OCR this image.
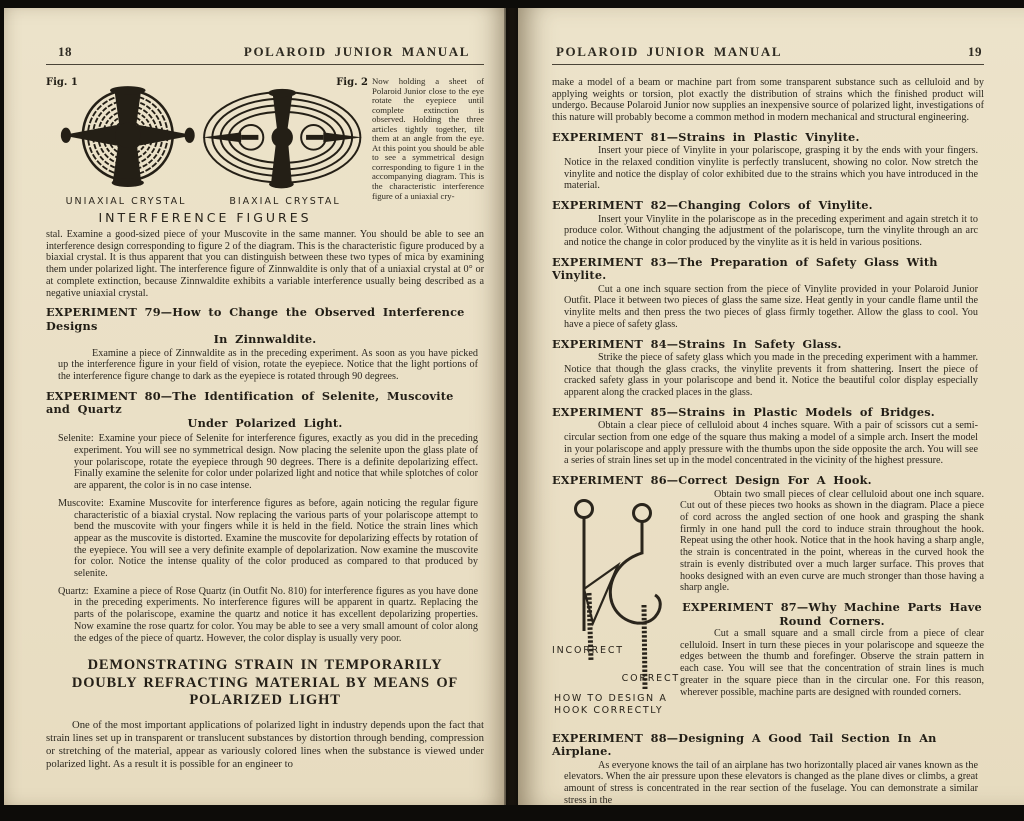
18	POLAROID JUNIOR MANUAL
Fig. 1	Fig. 2
UNIAXIAL CRYSTAL	BIAXIAL CRYSTAL
INTERFERENCE FIGURES
Now holding a sheet of Polaroid Junior close to the eye rotate the eyepiece until complete extinction is observed. Holding the three articles tightly together, tilt them at an angle from the eye. At this point you should be able to see a symmetrical design corresponding to figure 1 in the accompanying diagram. This is the characteristic interference figure of a uniaxial cry-

stal. Examine a good-sized piece of your Muscovite in the same manner. You should be able to see an interference design corresponding to figure 2 of the diagram. This is the characteristic figure produced by a biaxial crystal. It is thus apparent that you can distinguish between these two types of mica by examining them under polarized light. The interference figure of Zinnwaldite is only that of a uniaxial crystal at 0° or at complete extinction, because Zinnwaldite exhibits a variable interference usually being described as a negative uniaxial crystal.

EXPERIMENT 79—How to Change the Observed Interference Designs
In Zinnwaldite.

Examine a piece of Zinnwaldite as in the preceding experiment. As soon as you have picked up the interference figure in your field of vision, rotate the eyepiece. Notice that the light portions of the interference figure change to dark as the eyepiece is rotated through 90 degrees.

EXPERIMENT 80—The Identification of Selenite, Muscovite and Quartz
Under Polarized Light.

Selenite: Examine your piece of Selenite for interference figures, exactly as you did in the preceding experiment. You will see no symmetrical design. Now placing the selenite upon the glass plate of your polariscope, rotate the eyepiece through 90 degrees. There is a definite depolarizing effect. Finally examine the selenite for color under polarized light and notice that while splotches of color are apparent, the color is in no case intense.

Muscovite: Examine Muscovite for interference figures as before, again noticing the regular figure characteristic of a biaxial crystal. Now replacing the various parts of your polariscope attempt to bend the muscovite with your fingers while it is held in the field. Notice the strain lines which appear as the muscovite is distorted. Examine the muscovite for depolarizing effects by rotation of the eyepiece. You will see a very definite example of depolarization. Now examine the muscovite for color. Notice the intense quality of the color produced as compared to that produced by selenite.

Quartz: Examine a piece of Rose Quartz (in Outfit No. 810) for interference figures as you have done in the preceding experiments. No interference figures will be apparent in quartz. Replacing the parts of the polariscope, examine the quartz and notice it has excellent depolarizing properties. Now examine the rose quartz for color. You may be able to see a very small amount of color along the edges of the piece of quartz. However, the color display is usually very poor.

DEMONSTRATING STRAIN IN TEMPORARILY DOUBLY REFRACTING MATERIAL BY MEANS OF POLARIZED LIGHT

One of the most important applications of polarized light in industry depends upon the fact that strain lines set up in transparent or translucent substances by distortion through bending, compression or stretching of the material, appear as variously colored lines when the substance is viewed under polarized light. As a result it is possible for an engineer to

POLAROID JUNIOR MANUAL	19

make a model of a beam or machine part from some transparent substance such as celluloid and by applying weights or torsion, plot exactly the distribution of strains which the finished product will undergo. Because Polaroid Junior now supplies an inexpensive source of polarized light, investigations of this nature will probably become a common method in modern mechanical and structural engineering.

EXPERIMENT 81—Strains in Plastic Vinylite.

Insert your piece of Vinylite in your polariscope, grasping it by the ends with your fingers. Notice in the relaxed condition vinylite is perfectly translucent, showing no color. Now stretch the vinylite and notice the display of color exhibited due to the strains which you have introduced in the material.

EXPERIMENT 82—Changing Colors of Vinylite.

Insert your Vinylite in the polariscope as in the preceding experiment and again stretch it to produce color. Without changing the adjustment of the polariscope, turn the vinylite through an arc and notice the change in color produced by the vinylite as it is held in various positions.

EXPERIMENT 83—The Preparation of Safety Glass With Vinylite.

Cut a one inch square section from the piece of Vinylite provided in your Polaroid Junior Outfit. Place it between two pieces of glass the same size. Heat gently in your candle flame until the vinylite melts and then press the two pieces of glass firmly together. Allow the glass to cool. You have a piece of safety glass.

EXPERIMENT 84—Strains In Safety Glass.

Strike the piece of safety glass which you made in the preceding experiment with a hammer. Notice that though the glass cracks, the vinylite prevents it from shattering. Insert the piece of cracked safety glass in your polariscope and bend it. Notice the beautiful color display especially apparent along the cracked places in the glass.

EXPERIMENT 85—Strains in Plastic Models of Bridges.

Obtain a clear piece of celluloid about 4 inches square. With a pair of scissors cut a semi-circular section from one edge of the square thus making a model of a simple arch. Insert the model in your polariscope and apply pressure with the thumbs upon the side opposite the arch. You will see a series of strain lines set up in the model concentrated in the vicinity of the highest pressure.

EXPERIMENT 86—Correct Design For A Hook.
INCORRECT
CORRECT
HOW TO DESIGN A
HOOK CORRECTLY

Obtain two small pieces of clear celluloid about one inch square. Cut out of these pieces two hooks as shown in the diagram. Place a piece of cord across the angled section of one hook and grasping the shank firmly in one hand pull the cord to induce strain throughout the hook. Repeat using the other hook. Notice that in the hook having a sharp angle, the strain is concentrated in the point, whereas in the curved hook the strain is evenly distributed over a much larger surface. This proves that hooks designed with an even curve are much stronger than those having a sharp angle.

EXPERIMENT 87—Why Machine Parts Have
Round Corners.

Cut a small square and a small circle from a piece of clear celluloid. Insert in turn these pieces in your polariscope and squeeze the edges between the thumb and forefinger. Observe the strain pattern in each case. You will see that the concentration of strain lines is much greater in the square piece than in the circular one. For this reason, wherever possible, machine parts are designed with rounded corners.

EXPERIMENT 88—Designing A Good Tail Section In An Airplane.

As everyone knows the tail of an airplane has two horizontally placed air vanes known as the elevators. When the air pressure upon these elevators is changed as the plane dives or climbs, a great amount of stress is concentrated in the rear section of the fuselage. You can demonstrate a similar stress in the
